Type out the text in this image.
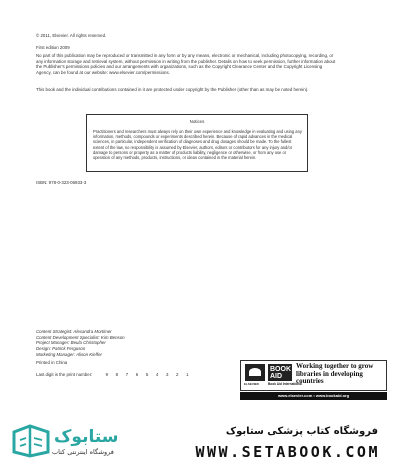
© 2011, Elsevier. All rights reserved.
First edition 2009
No part of this publication may be reproduced or transmitted in any form or by any means, electronic or mechanical, including photocopying, recording, or any information storage and retrieval system, without permission in writing from the publisher. Details on how to seek permission, further information about the Publisher's permissions policies and our arrangements with organizations, such as the Copyright Clearance Center and the Copyright Licensing Agency, can be found at our website: www.elsevier.com/permissions.
This book and the individual contributions contained in it are protected under copyright by the Publisher (other than as may be noted herein).
Notices
Practitioners and researchers must always rely on their own experience and knowledge in evaluating and using any information, methods, compounds or experiments described herein. Because of rapid advances in the medical sciences, in particular, independent verification of diagnoses and drug dosages should be made. To the fullest extent of the law, no responsibility is assumed by Elsevier, authors, editors or contributors for any injury and/or damage to persons or property as a matter of products liability, negligence or otherwise, or from any use or operation of any methods, products, instructions, or ideas contained in the material herein.
ISBN: 978-0-323-06933-3
Content Strategist: Alexandra Mortimer
Content Development Specialist: Kim Benson
Project Manager: Beula Christopher
Design: Patrick Ferguson
Marketing Manager: Alison Kieffer
Printed in China
Last digit is the print number:	9 8 7 6 5 4 3 2 1
ELSEVIER
BOOK AID
Book Aid International
Working together to grow libraries in developing countries
www.elsevier.com • www.bookaid.org
ستابوک
فروشگاه اینترنتی کتاب
فروشگاه کتاب پزشکی ستابوک
WWW.SETABOOK.COM
